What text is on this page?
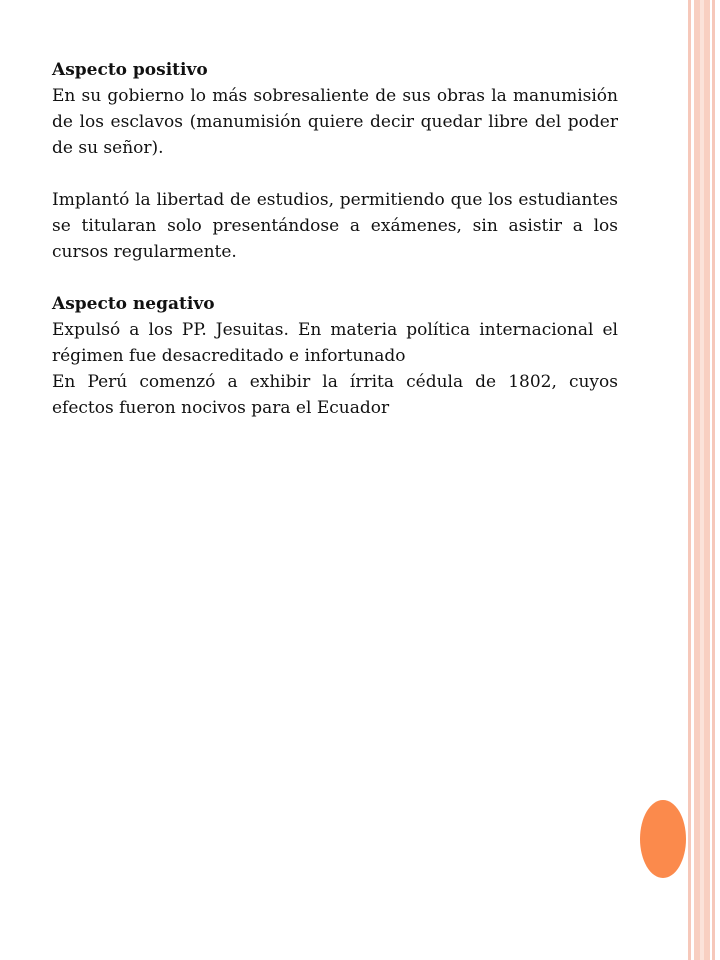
Aspecto positivo

En su gobierno lo más sobresaliente de sus obras la manumisión de los esclavos (manumisión quiere decir quedar libre del poder de su señor).

Implantó la libertad de estudios, permitiendo que los estudiantes se titularan solo presentándose a exámenes, sin asistir a los cursos regularmente.

Aspecto negativo

Expulsó a los PP. Jesuitas. En materia política internacional el régimen fue desacreditado e infortunado

En Perú comenzó a exhibir la írrita cédula de 1802, cuyos efectos fueron nocivos para el Ecuador
